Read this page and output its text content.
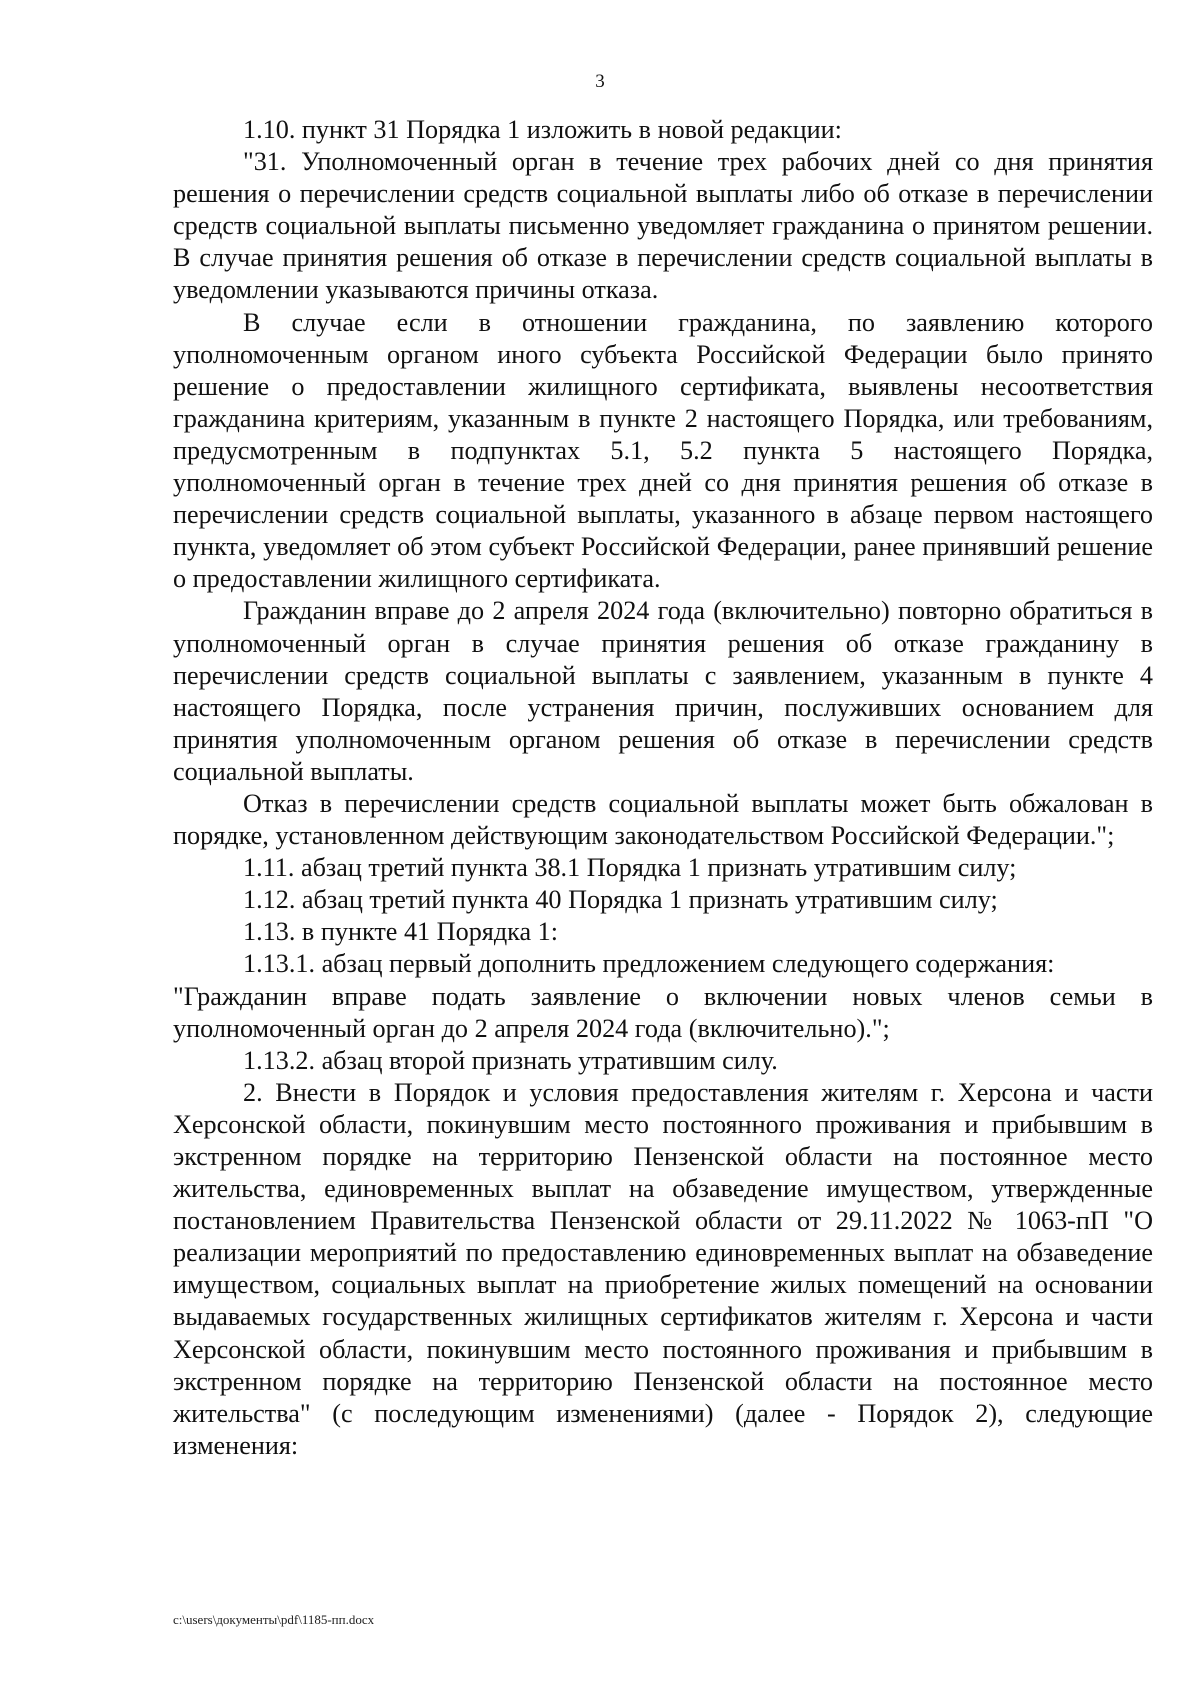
3

1.10. пункт 31 Порядка 1 изложить в новой редакции:

"31. Уполномоченный орган в течение трех рабочих дней со дня принятия решения о перечислении средств социальной выплаты либо об отказе в перечислении средств социальной выплаты письменно уведомляет гражданина о принятом решении. В случае принятия решения об отказе в перечислении средств социальной выплаты в уведомлении указываются причины отказа.

В случае если в отношении гражданина, по заявлению которого уполномоченным органом иного субъекта Российской Федерации было принято решение о предоставлении жилищного сертификата, выявлены несоответствия гражданина критериям, указанным в пункте 2 настоящего Порядка, или требованиям, предусмотренным в подпунктах 5.1, 5.2 пункта 5 настоящего Порядка, уполномоченный орган в течение трех дней со дня принятия решения об отказе в перечислении средств социальной выплаты, указанного в абзаце первом настоящего пункта, уведомляет об этом субъект Российской Федерации, ранее принявший решение о предоставлении жилищного сертификата.

Гражданин вправе до 2 апреля 2024 года (включительно) повторно обратиться в уполномоченный орган в случае принятия решения об отказе гражданину в перечислении средств социальной выплаты с заявлением, указанным в пункте 4 настоящего Порядка, после устранения причин, послуживших основанием для принятия уполномоченным органом решения об отказе в перечислении средств социальной выплаты.

Отказ в перечислении средств социальной выплаты может быть обжалован в порядке, установленном действующим законодательством Российской Федерации.";

1.11. абзац третий пункта 38.1 Порядка 1 признать утратившим силу;

1.12. абзац третий пункта 40 Порядка 1 признать утратившим силу;

1.13. в пункте 41 Порядка 1:

1.13.1. абзац первый дополнить предложением следующего содержания:

"Гражданин вправе подать заявление о включении новых членов семьи в уполномоченный орган до 2 апреля 2024 года (включительно).";

1.13.2. абзац второй признать утратившим силу.

2. Внести в Порядок и условия предоставления жителям г. Херсона и части Херсонской области, покинувшим место постоянного проживания и прибывшим в экстренном порядке на территорию Пензенской области на постоянное место жительства, единовременных выплат на обзаведение имуществом, утвержденные постановлением Правительства Пензенской области от 29.11.2022 № 1063-пП "О реализации мероприятий по предоставлению единовременных выплат на обзаведение имуществом, социальных выплат на приобретение жилых помещений на основании выдаваемых государственных жилищных сертификатов жителям г. Херсона и части Херсонской области, покинувшим место постоянного проживания и прибывшим в экстренном порядке на территорию Пензенской области на постоянное место жительства" (с последующим изменениями) (далее - Порядок 2), следующие изменения:

c:\users\документы\pdf\1185-пп.docx
